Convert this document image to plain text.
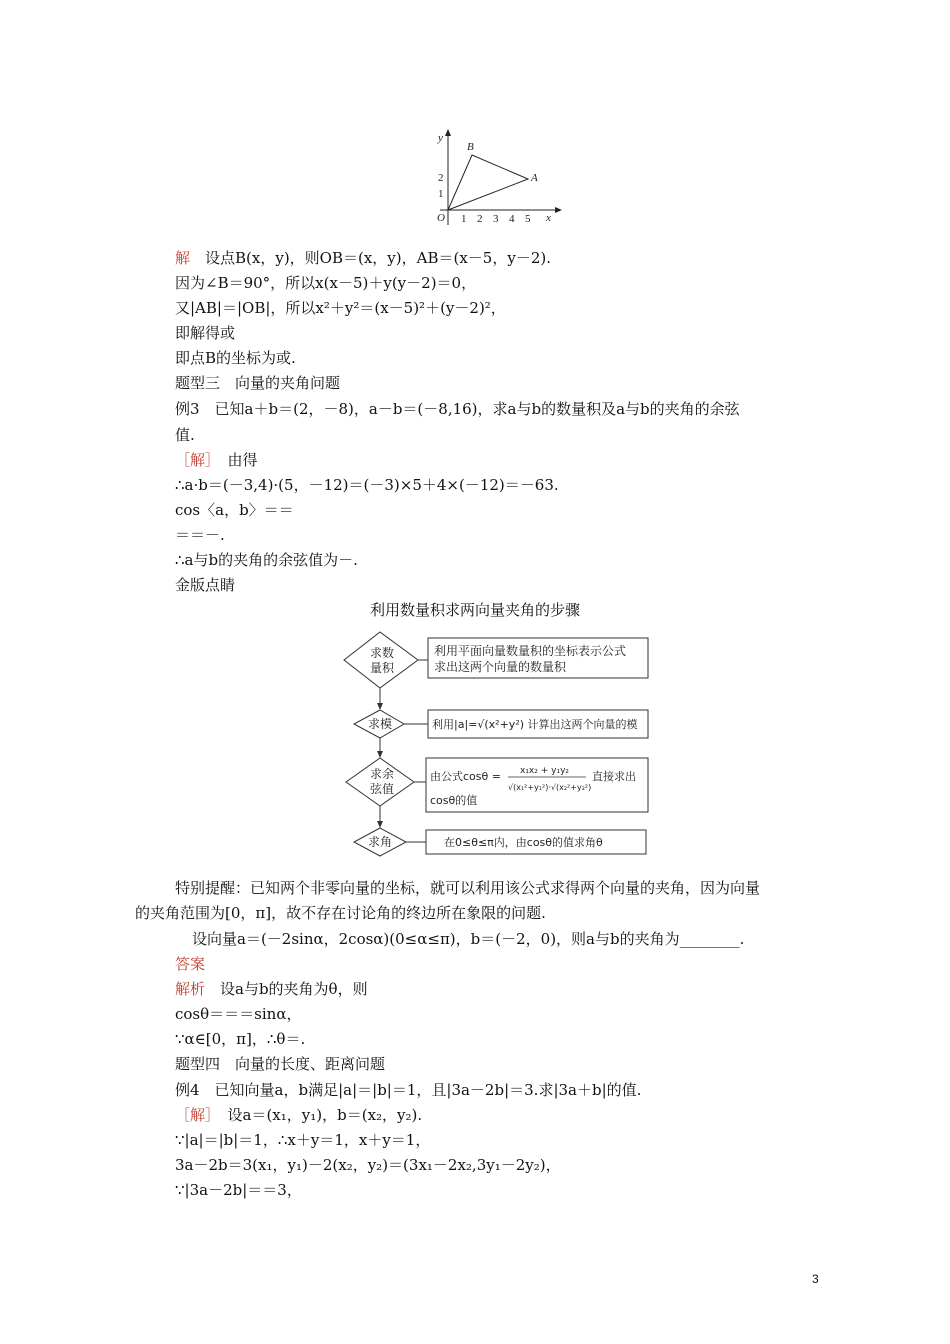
y
x
O 1 2 3 4 5
1
2
B
A
解　设点B(x，y)，则OB＝(x，y)，AB＝(x－5，y－2).
因为∠B＝90°，所以x(x－5)＋y(y－2)＝0，
又|AB|＝|OB|，所以x²＋y²＝(x－5)²＋(y－2)²，
即解得或
即点B的坐标为或.
题型三　向量的夹角问题
例3　已知a＋b＝(2，－8)，a－b＝(－8,16)，求a与b的数量积及a与b的夹角的余弦
值.
［解］　由得
∴a·b＝(－3,4)·(5，－12)＝(－3)×5＋4×(－12)＝－63.
cos〈a，b〉＝＝
＝＝－.
∴a与b的夹角的余弦值为－.
金版点睛
利用数量积求两向量夹角的步骤
求数
量积
利用平面向量数量积的坐标表示公式
求出这两个向量的数量积
求模	利用|a|=√(x²+y²) 计算出这两个向量的模
求余
弦值
由公式cosθ = x₁x₂ + y₁y₂
√(x₁²+y₁²)·√(x₂²+y₂²)
直接求出
cosθ的值
求角	在0≤θ≤π内，由cosθ的值求角θ
特别提醒：已知两个非零向量的坐标，就可以利用该公式求得两个向量的夹角，因为向量
的夹角范围为[0，π]，故不存在讨论角的终边所在象限的问题.
设向量a＝(－2sinα，2cosα)(0≤α≤π)，b＝(－2，0)，则a与b的夹角为________.
答案
解析　设a与b的夹角为θ，则
cosθ＝＝＝sinα，
∵α∈[0，π]，∴θ＝.
题型四　向量的长度、距离问题
例4　已知向量a，b满足|a|＝|b|＝1，且|3a－2b|＝3.求|3a＋b|的值.
［解］　设a＝(x₁，y₁)，b＝(x₂，y₂).
∵|a|＝|b|＝1，∴x＋y＝1，x＋y＝1，
3a－2b＝3(x₁，y₁)－2(x₂，y₂)＝(3x₁－2x₂,3y₁－2y₂)，
∵|3a－2b|＝＝3，
3
